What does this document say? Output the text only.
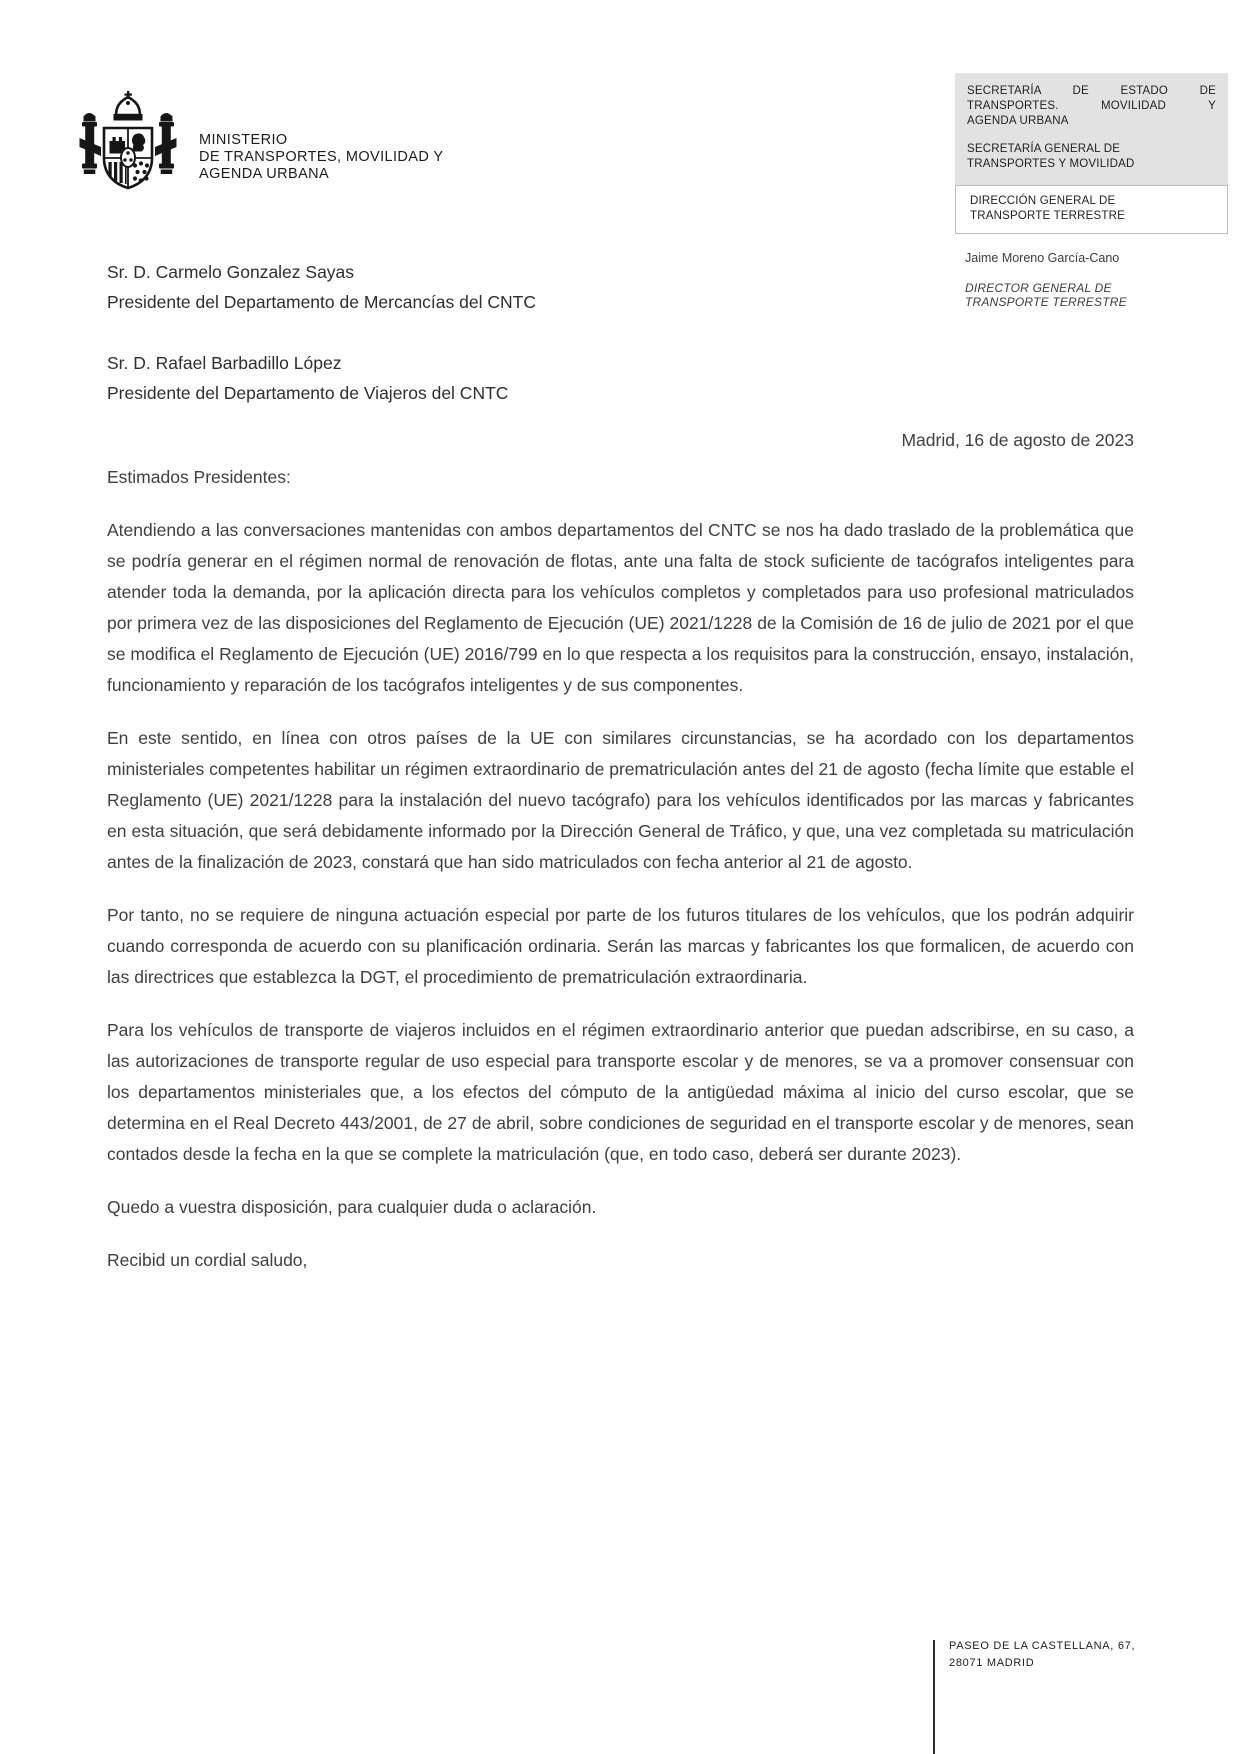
MINISTERIO
DE TRANSPORTES, MOVILIDAD Y
AGENDA URBANA
SECRETARÍA DE ESTADO DE
TRANSPORTES. MOVILIDAD Y
AGENDA URBANA
SECRETARÍA GENERAL DE
TRANSPORTES Y MOVILIDAD
DIRECCIÓN GENERAL DE
TRANSPORTE TERRESTRE
Jaime Moreno García-Cano
DIRECTOR GENERAL DE
TRANSPORTE TERRESTRE
Sr. D. Carmelo Gonzalez Sayas
Presidente del Departamento de Mercancías del CNTC
Sr. D. Rafael Barbadillo López
Presidente del Departamento de Viajeros del CNTC
Madrid, 16 de agosto de 2023

Estimados Presidentes:

Atendiendo a las conversaciones mantenidas con ambos departamentos del CNTC se nos ha dado traslado de la problemática que se podría generar en el régimen normal de renovación de flotas, ante una falta de stock suficiente de tacógrafos inteligentes para atender toda la demanda, por la aplicación directa para los vehículos completos y completados para uso profesional matriculados por primera vez de las disposiciones del Reglamento de Ejecución (UE) 2021/1228 de la Comisión de 16 de julio de 2021 por el que se modifica el Reglamento de Ejecución (UE) 2016/799 en lo que respecta a los requisitos para la construcción, ensayo, instalación, funcionamiento y reparación de los tacógrafos inteligentes y de sus componentes.

En este sentido, en línea con otros países de la UE con similares circunstancias, se ha acordado con los departamentos ministeriales competentes habilitar un régimen extraordinario de prematriculación antes del 21 de agosto (fecha límite que estable el Reglamento (UE) 2021/1228 para la instalación del nuevo tacógrafo) para los vehículos identificados por las marcas y fabricantes en esta situación, que será debidamente informado por la Dirección General de Tráfico, y que, una vez completada su matriculación antes de la finalización de 2023, constará que han sido matriculados con fecha anterior al 21 de agosto.

Por tanto, no se requiere de ninguna actuación especial por parte de los futuros titulares de los vehículos, que los podrán adquirir cuando corresponda de acuerdo con su planificación ordinaria. Serán las marcas y fabricantes los que formalicen, de acuerdo con las directrices que establezca la DGT, el procedimiento de prematriculación extraordinaria.

Para los vehículos de transporte de viajeros incluidos en el régimen extraordinario anterior que puedan adscribirse, en su caso, a las autorizaciones de transporte regular de uso especial para transporte escolar y de menores, se va a promover consensuar con los departamentos ministeriales que, a los efectos del cómputo de la antigüedad máxima al inicio del curso escolar, que se determina en el Real Decreto 443/2001, de 27 de abril, sobre condiciones de seguridad en el transporte escolar y de menores, sean contados desde la fecha en la que se complete la matriculación (que, en todo caso, deberá ser durante 2023).

Quedo a vuestra disposición, para cualquier duda o aclaración.

Recibid un cordial saludo,

PASEO DE LA CASTELLANA, 67,
28071 MADRID
